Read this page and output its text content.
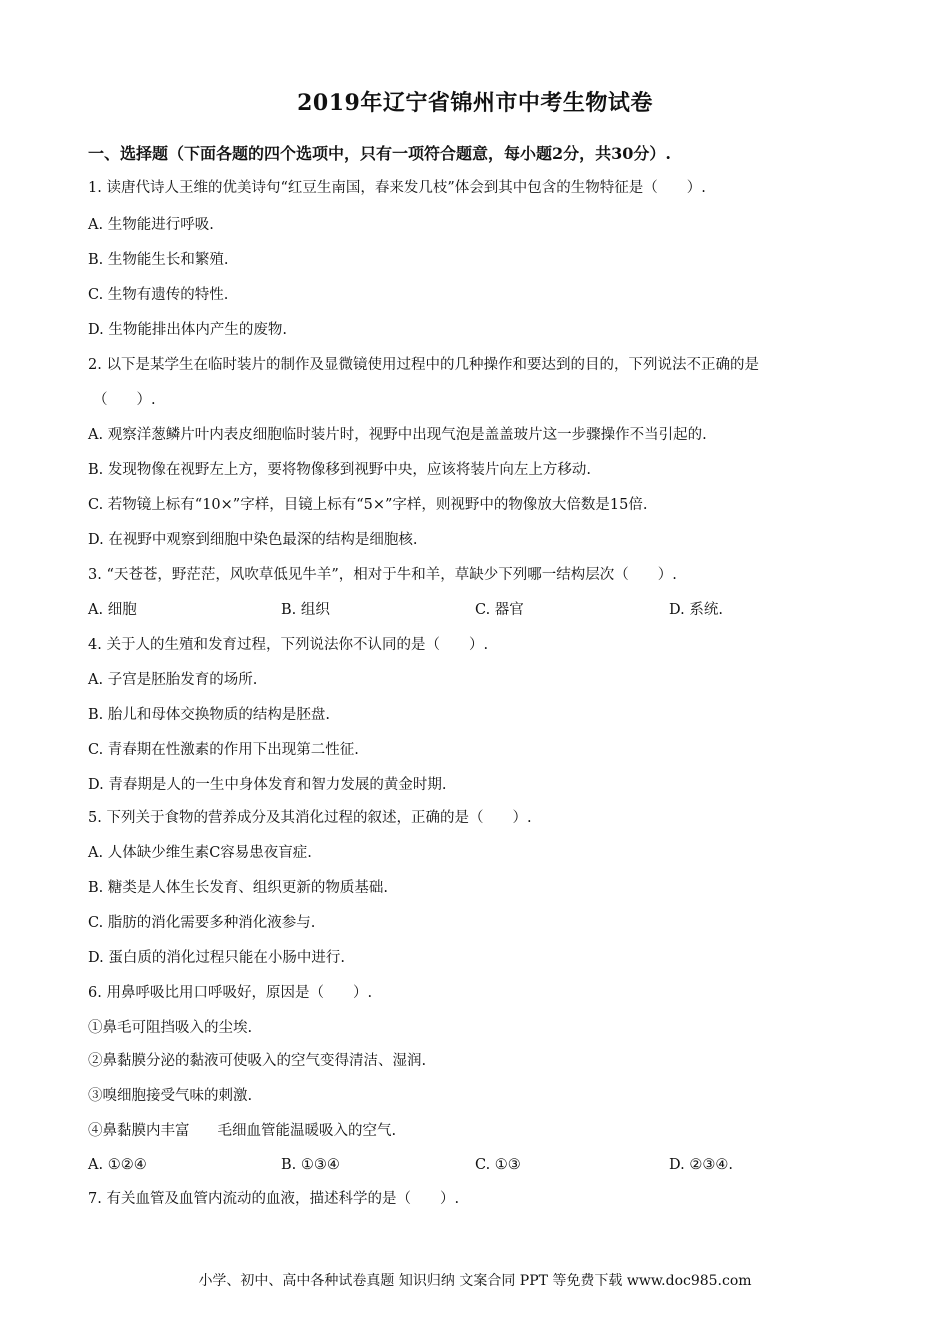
2019年辽宁省锦州市中考生物试卷
一、选择题（下面各题的四个选项中，只有一项符合题意，每小题2分，共30分）.
1. 读唐代诗人王维的优美诗句“红豆生南国，春来发几枝”体会到其中包含的生物特征是（　　）.
A. 生物能进行呼吸.
B. 生物能生长和繁殖.
C. 生物有遗传的特性.
D. 生物能排出体内产生的废物.
2. 以下是某学生在临时装片的制作及显微镜使用过程中的几种操作和要达到的目的，下列说法不正确的是
（　　）.
A. 观察洋葱鳞片叶内表皮细胞临时装片时，视野中出现气泡是盖盖玻片这一步骤操作不当引起的.
B. 发现物像在视野左上方，要将物像移到视野中央，应该将装片向左上方移动.
C. 若物镜上标有“10×”字样，目镜上标有“5×”字样，则视野中的物像放大倍数是15倍.
D. 在视野中观察到细胞中染色最深的结构是细胞核.
3. “天苍苍，野茫茫，风吹草低见牛羊”，相对于牛和羊，草缺少下列哪一结构层次（　　）.
A. 细胞	B. 组织	C. 器官	D. 系统.
4. 关于人的生殖和发育过程，下列说法你不认同的是（　　）.
A. 子宫是胚胎发育的场所.
B. 胎儿和母体交换物质的结构是胚盘.
C. 青春期在性激素的作用下出现第二性征.
D. 青春期是人的一生中身体发育和智力发展的黄金时期.
5. 下列关于食物的营养成分及其消化过程的叙述，正确的是（　　）.
A. 人体缺少维生素C容易患夜盲症.
B. 糖类是人体生长发育、组织更新的物质基础.
C. 脂肪的消化需要多种消化液参与.
D. 蛋白质的消化过程只能在小肠中进行.
6. 用鼻呼吸比用口呼吸好，原因是（　　）.
①鼻毛可阻挡吸入的尘埃.
②鼻黏膜分泌的黏液可使吸入的空气变得清洁、湿润.
③嗅细胞接受气味的刺激.
④鼻黏膜内丰富 毛细血管能温暖吸入的空气.
A. ①②④	B. ①③④	C. ①③	D. ②③④.
7. 有关血管及血管内流动的血液，描述科学的是（　　）.
小学、初中、高中各种试卷真题 知识归纳 文案合同 PPT 等免费下载 www.doc985.com
